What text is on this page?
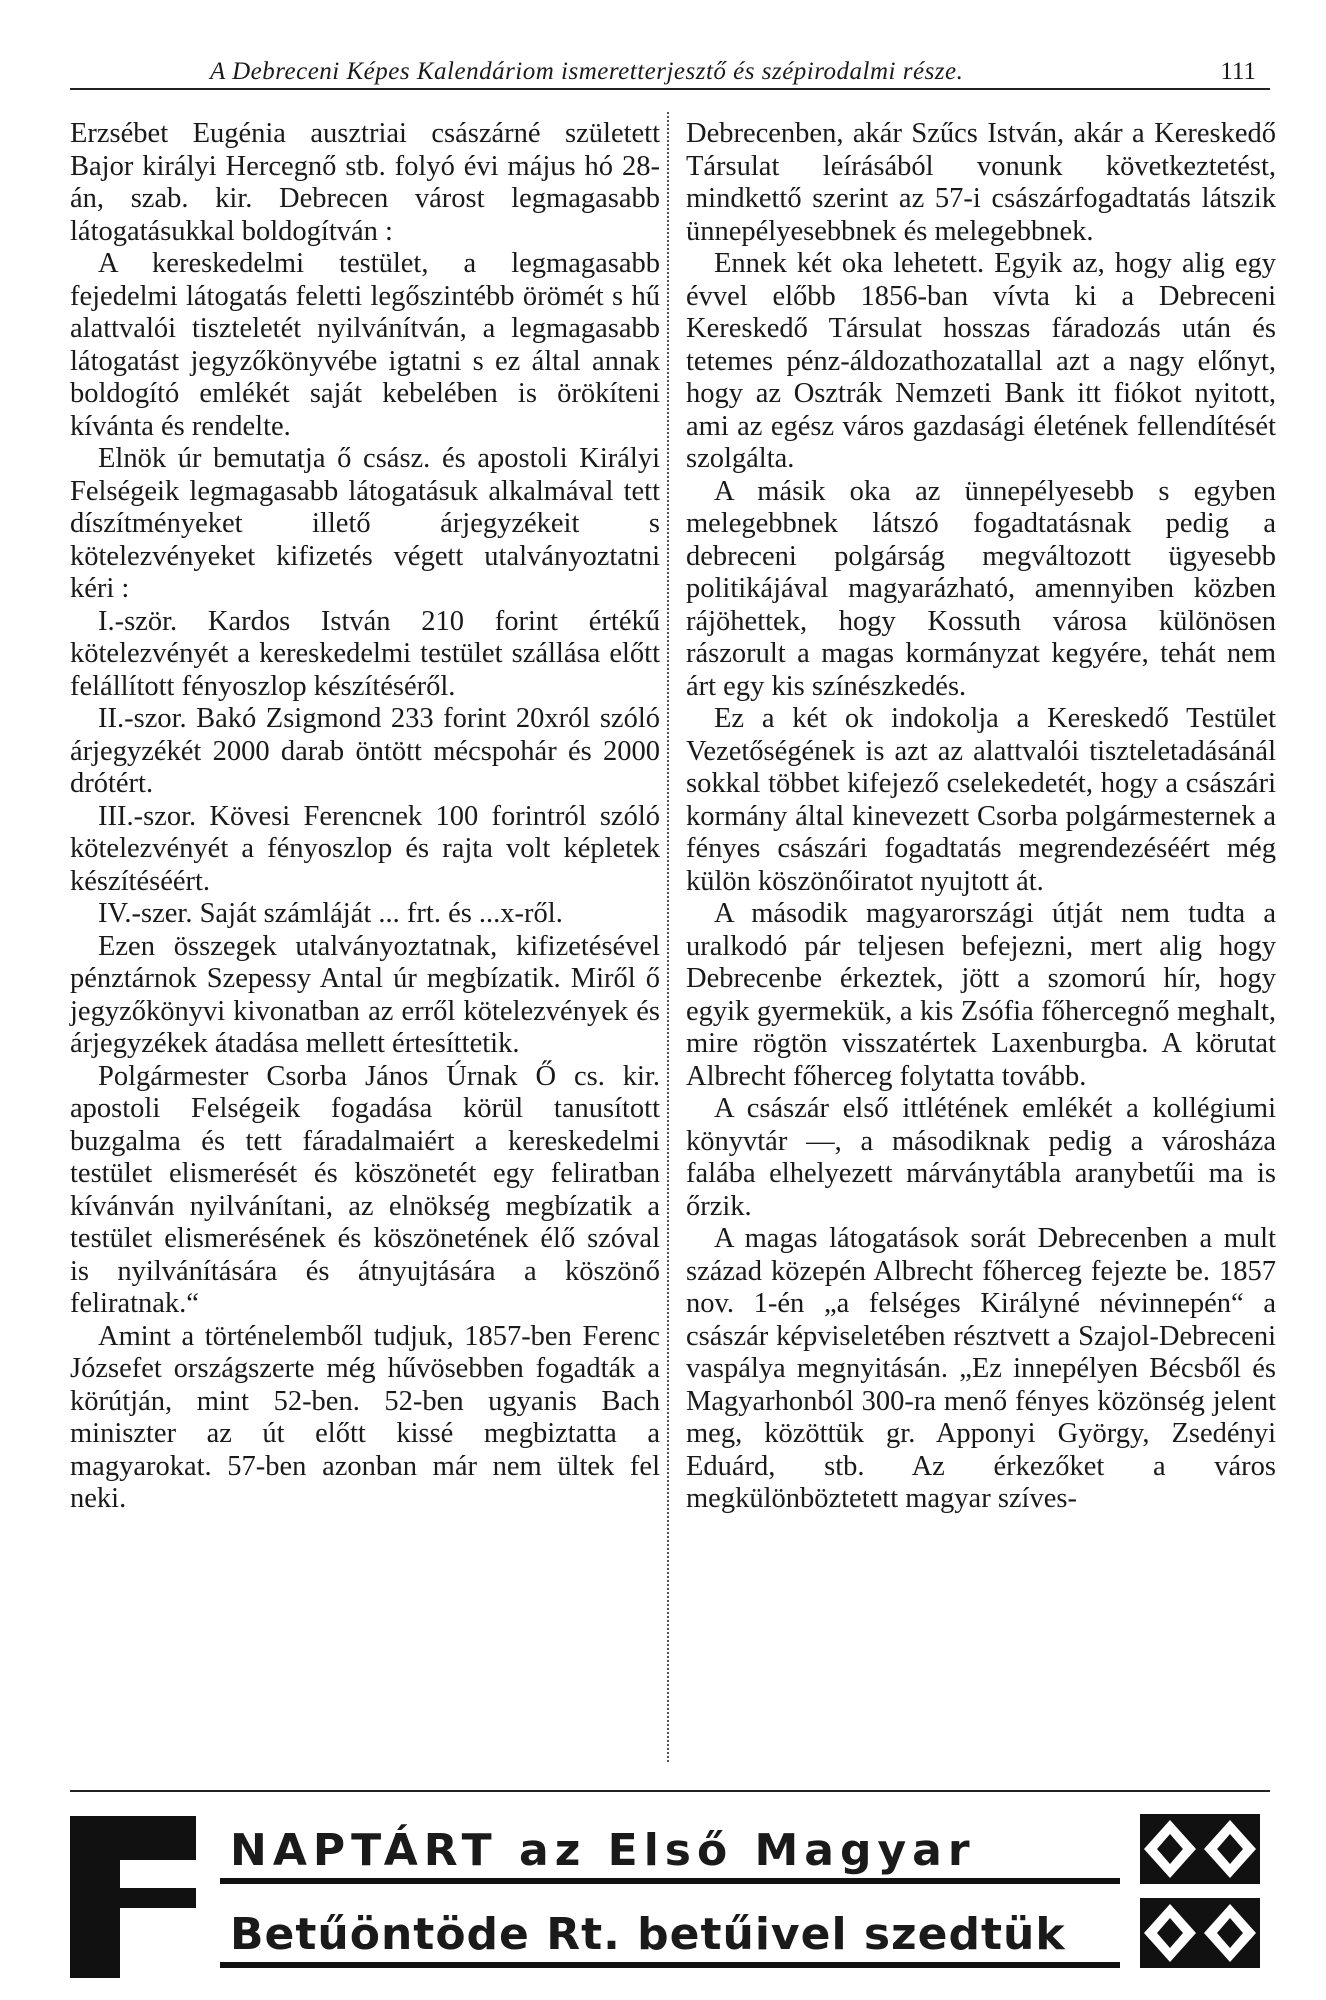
A Debreceni Képes Kalendáriom ismeretterjesztő és szépirodalmi része.	111

Erzsébet Eugénia ausztriai császárné született Bajor királyi Hercegnő stb. folyó évi május hó 28-án, szab. kir. Debrecen várost legmagasabb látogatásukkal boldogítván :

A kereskedelmi testület, a legmagasabb fejedelmi látogatás feletti legőszintébb örömét s hű alattvalói tiszteletét nyilvánítván, a legmagasabb látogatást jegyzőkönyvébe igtatni s ez által annak boldogító emlékét saját kebelében is örökíteni kívánta és rendelte.

Elnök úr bemutatja ő csász. és apostoli Királyi Felségeik legmagasabb látogatásuk alkalmával tett díszítményeket illető árjegyzékeit s kötelezvényeket kifizetés végett utalványoztatni kéri :

I.-ször. Kardos István 210 forint értékű kötelezvényét a kereskedelmi testület szállása előtt felállított fényoszlop készítéséről.

II.-szor. Bakó Zsigmond 233 forint 20xról szóló árjegyzékét 2000 darab öntött mécspohár és 2000 drótért.

III.-szor. Kövesi Ferencnek 100 forintról szóló kötelezvényét a fényoszlop és rajta volt képletek készítéséért.

IV.-szer. Saját számláját ... frt. és ...x-ről.

Ezen összegek utalványoztatnak, kifizetésével pénztárnok Szepessy Antal úr megbízatik. Miről ő jegyzőkönyvi kivonatban az erről kötelezvények és árjegyzékek átadása mellett értesíttetik.

Polgármester Csorba János Úrnak Ő cs. kir. apostoli Felségeik fogadása körül tanusított buzgalma és tett fáradalmaiért a kereskedelmi testület elismerését és köszönetét egy feliratban kívánván nyilvánítani, az elnökség megbízatik a testület elismerésének és köszönetének élő szóval is nyilvánítására és átnyujtására a köszönő feliratnak.“

Amint a történelemből tudjuk, 1857-ben Ferenc Józsefet országszerte még hűvösebben fogadták a körútján, mint 52-ben. 52-ben ugyanis Bach miniszter az út előtt kissé megbiztatta a magyarokat. 57-ben azonban már nem ültek fel neki.

Debrecenben, akár Szűcs István, akár a Kereskedő Társulat leírásából vonunk következtetést, mindkettő szerint az 57-i császárfogadtatás látszik ünnepélyesebbnek és melegebbnek.

Ennek két oka lehetett. Egyik az, hogy alig egy évvel előbb 1856-ban vívta ki a Debreceni Kereskedő Társulat hosszas fáradozás után és tetemes pénz-áldozathozatallal azt a nagy előnyt, hogy az Osztrák Nemzeti Bank itt fiókot nyitott, ami az egész város gazdasági életének fellendítését szolgálta.

A másik oka az ünnepélyesebb s egyben melegebbnek látszó fogadtatásnak pedig a debreceni polgárság megváltozott ügyesebb politikájával magyarázható, amennyiben közben rájöhettek, hogy Kossuth városa különösen rászorult a magas kormányzat kegyére, tehát nem árt egy kis színészkedés.

Ez a két ok indokolja a Kereskedő Testület Vezetőségének is azt az alattvalói tiszteletadásánál sokkal többet kifejező cselekedetét, hogy a császári kormány által kinevezett Csorba polgármesternek a fényes császári fogadtatás megrendezéséért még külön köszönőiratot nyujtott át.

A második magyarországi útját nem tudta a uralkodó pár teljesen befejezni, mert alig hogy Debrecenbe érkeztek, jött a szomorú hír, hogy egyik gyermekük, a kis Zsófia főhercegnő meghalt, mire rögtön visszatértek Laxenburgba. A körutat Albrecht főherceg folytatta tovább.

A császár első ittlétének emlékét a kollégiumi könyvtár —, a másodiknak pedig a városháza falába elhelyezett márványtábla aranybetűi ma is őrzik.

A magas látogatások sorát Debrecenben a mult század közepén Albrecht főherceg fejezte be. 1857 nov. 1-én „a felséges Királyné névinnepén“ a császár képviseletében résztvett a Szajol-Debreceni vaspálya megnyitásán. „Ez innepélyen Bécsből és Magyarhonból 300-ra menő fényes közönség jelent meg, közöttük gr. Apponyi György, Zsedényi Eduárd, stb. Az érkezőket a város megkülönböztetett magyar szíves-

NAPTÁRT az Első Magyar
Betűöntöde Rt. betűivel szedtük
